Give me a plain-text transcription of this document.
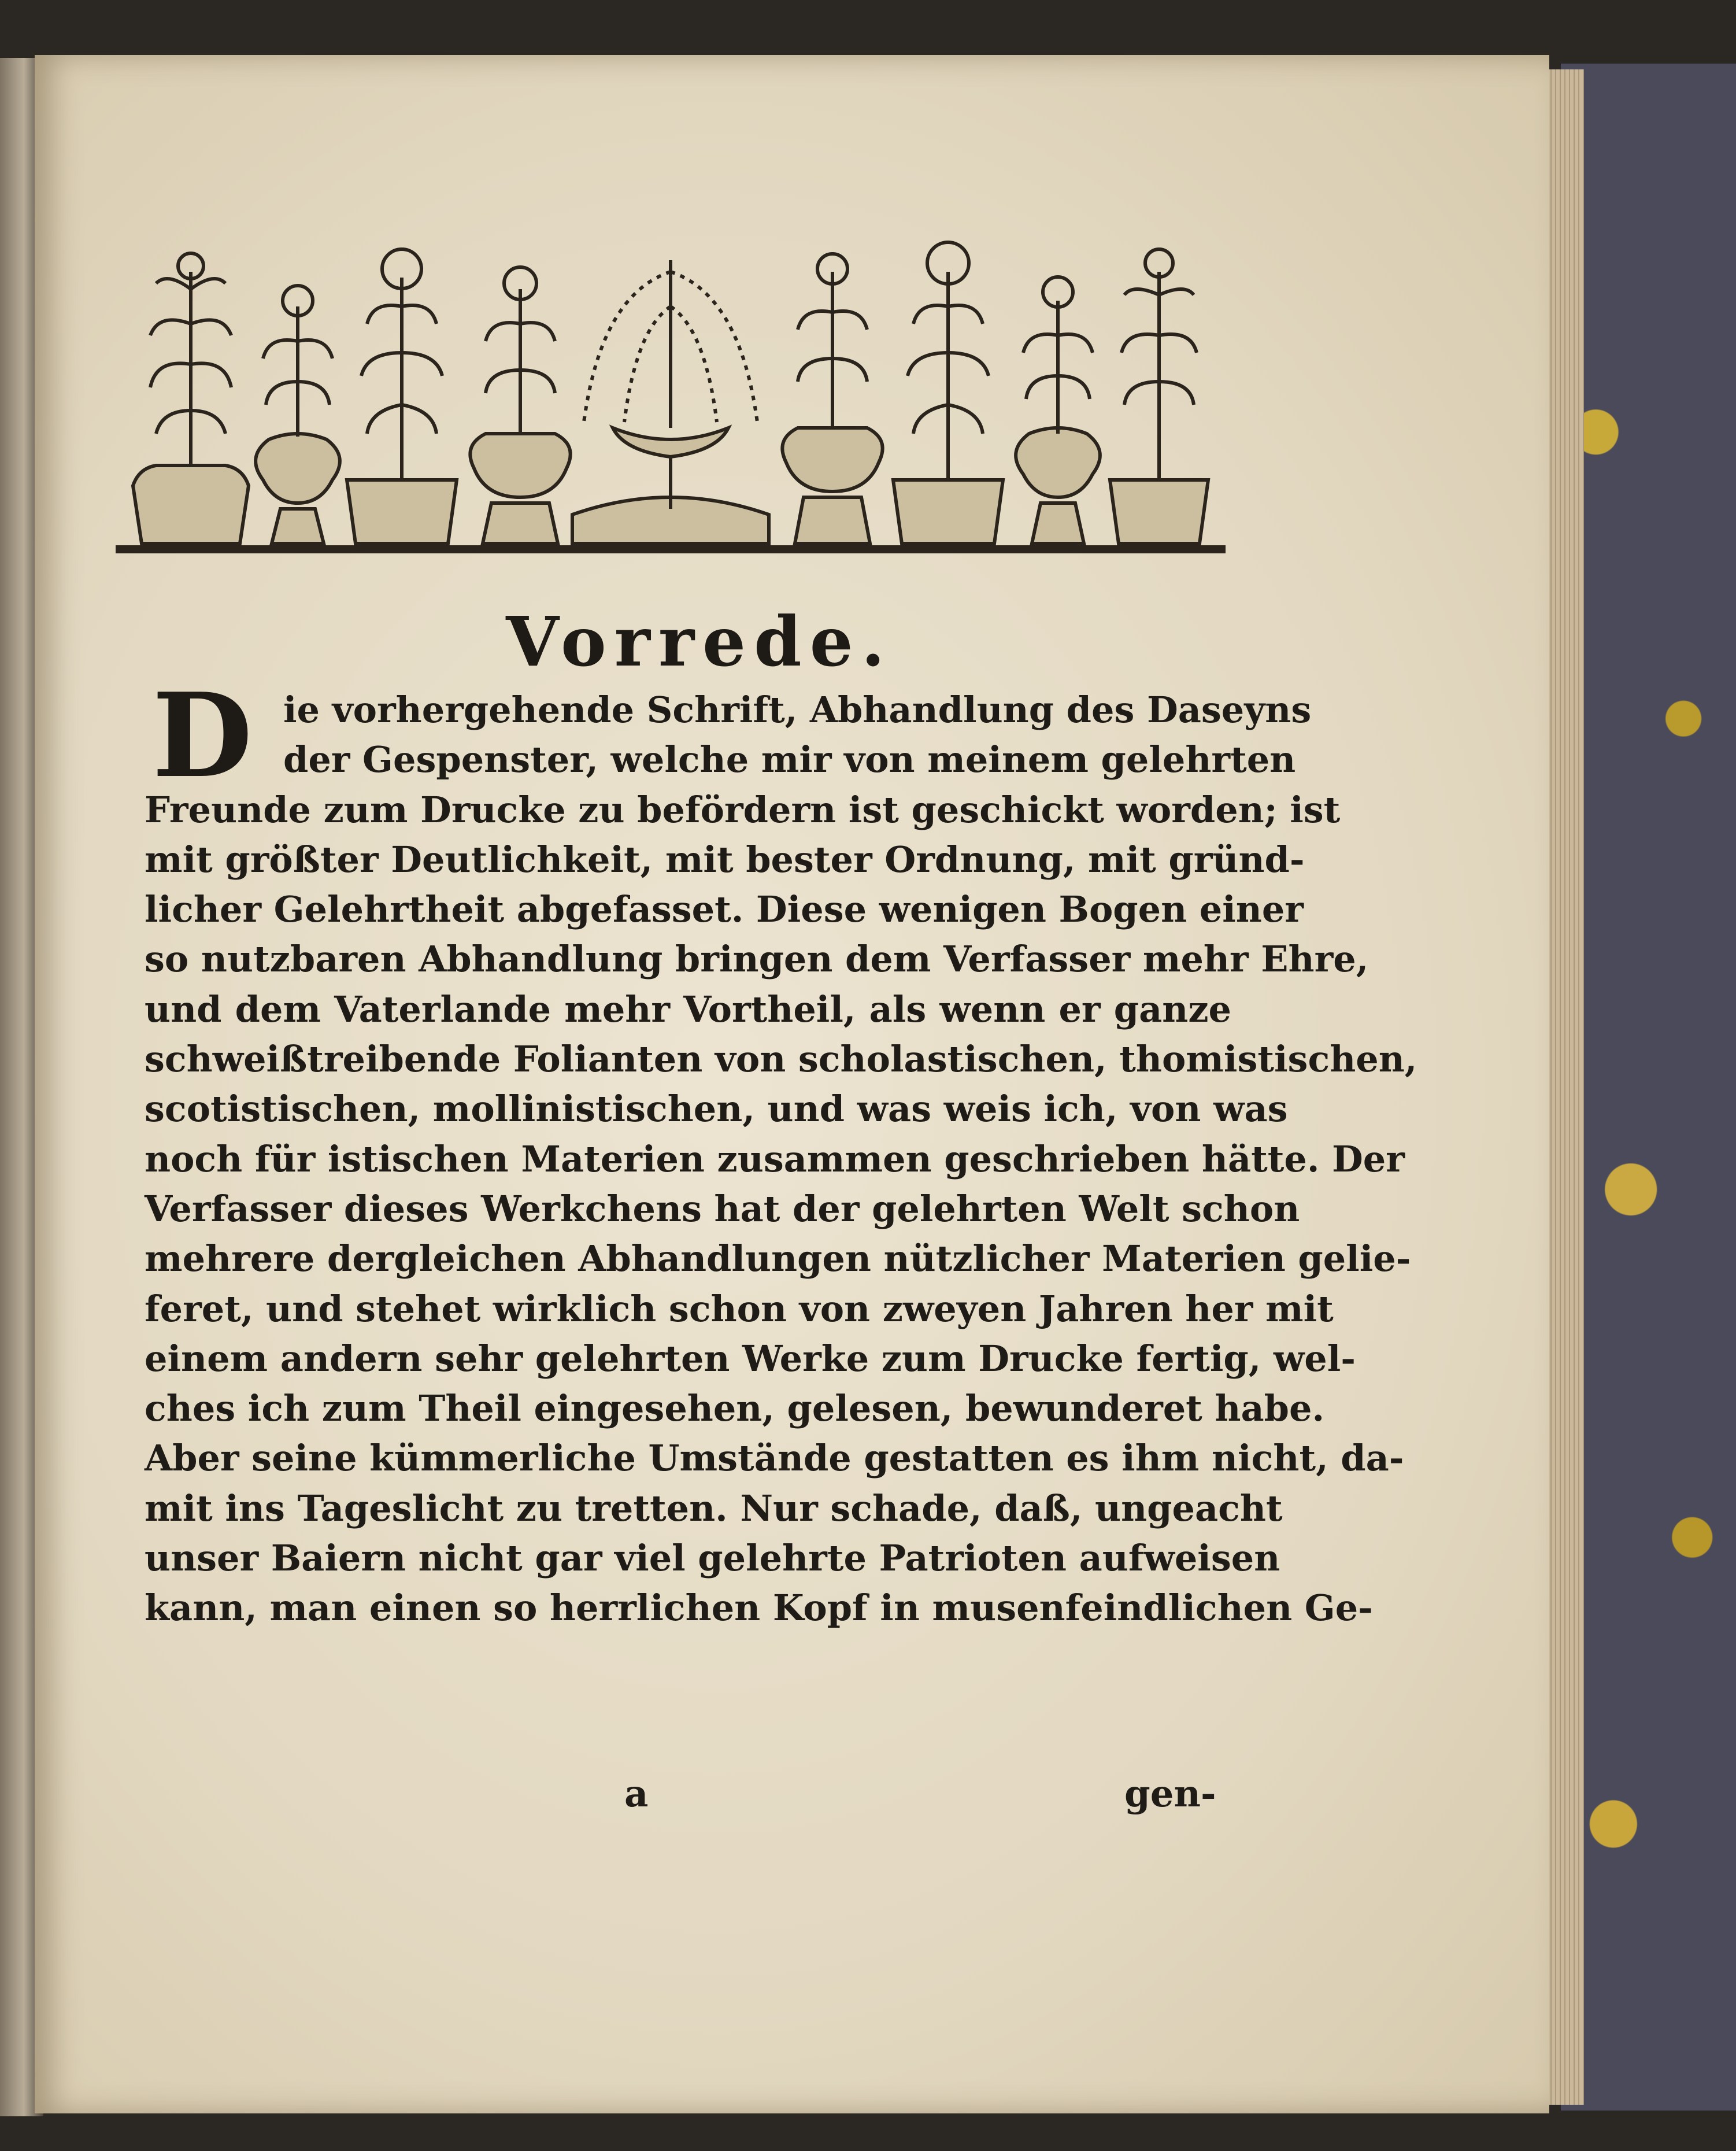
Vorrede.
D ie vorhergehende Schrift, Abhandlung des Daseyns
der Gespenster, welche mir von meinem gelehrten
Freunde zum Drucke zu befördern ist geschickt worden; ist
mit größter Deutlichkeit, mit bester Ordnung, mit gründ-
licher Gelehrtheit abgefasset. Diese wenigen Bogen einer
so nutzbaren Abhandlung bringen dem Verfasser mehr Ehre,
und dem Vaterlande mehr Vortheil, als wenn er ganze
schweißtreibende Folianten von scholastischen, thomistischen,
scotistischen, mollinistischen, und was weis ich, von was
noch für istischen Materien zusammen geschrieben hätte. Der
Verfasser dieses Werkchens hat der gelehrten Welt schon
mehrere dergleichen Abhandlungen nützlicher Materien gelie-
feret, und stehet wirklich schon von zweyen Jahren her mit
einem andern sehr gelehrten Werke zum Drucke fertig, wel-
ches ich zum Theil eingesehen, gelesen, bewunderet habe.
Aber seine kümmerliche Umstände gestatten es ihm nicht, da-
mit ins Tageslicht zu tretten. Nur schade, daß, ungeacht
unser Baiern nicht gar viel gelehrte Patrioten aufweisen
kann, man einen so herrlichen Kopf in musenfeindlichen Ge-
a	gen-
